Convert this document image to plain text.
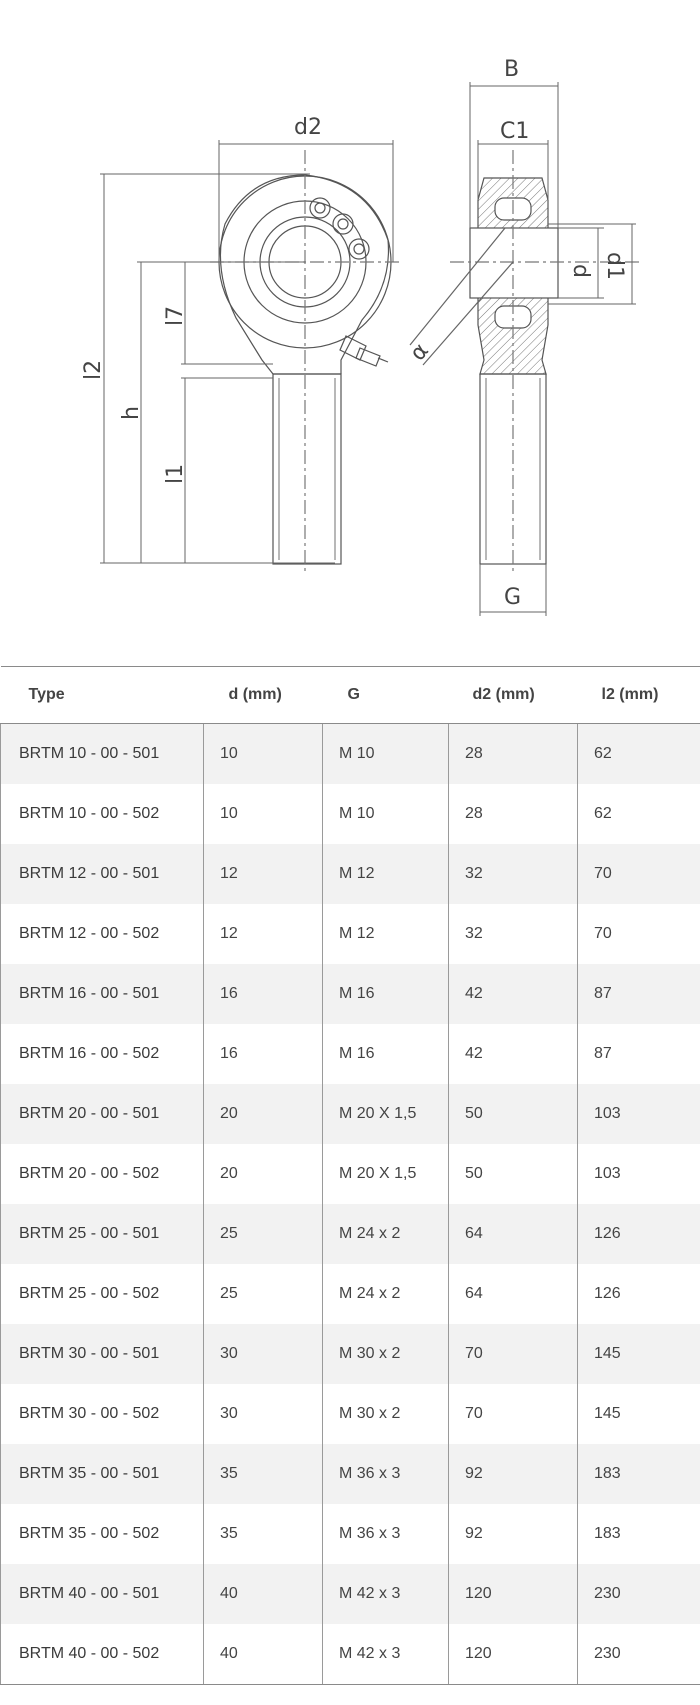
d2
B
C1
d d1
l2
h
l7
l1
α
G
Type	d (mm)	G	d2 (mm)	l2 (mm)
BRTM 10 - 00 - 501	10	M 10	28	62
BRTM 10 - 00 - 502	10	M 10	28	62
BRTM 12 - 00 - 501	12	M 12	32	70
BRTM 12 - 00 - 502	12	M 12	32	70
BRTM 16 - 00 - 501	16	M 16	42	87
BRTM 16 - 00 - 502	16	M 16	42	87
BRTM 20 - 00 - 501	20	M 20 X 1,5	50	103
BRTM 20 - 00 - 502	20	M 20 X 1,5	50	103
BRTM 25 - 00 - 501	25	M 24 x 2	64	126
BRTM 25 - 00 - 502	25	M 24 x 2	64	126
BRTM 30 - 00 - 501	30	M 30 x 2	70	145
BRTM 30 - 00 - 502	30	M 30 x 2	70	145
BRTM 35 - 00 - 501	35	M 36 x 3	92	183
BRTM 35 - 00 - 502	35	M 36 x 3	92	183
BRTM 40 - 00 - 501	40	M 42 x 3	120	230
BRTM 40 - 00 - 502	40	M 42 x 3	120	230
